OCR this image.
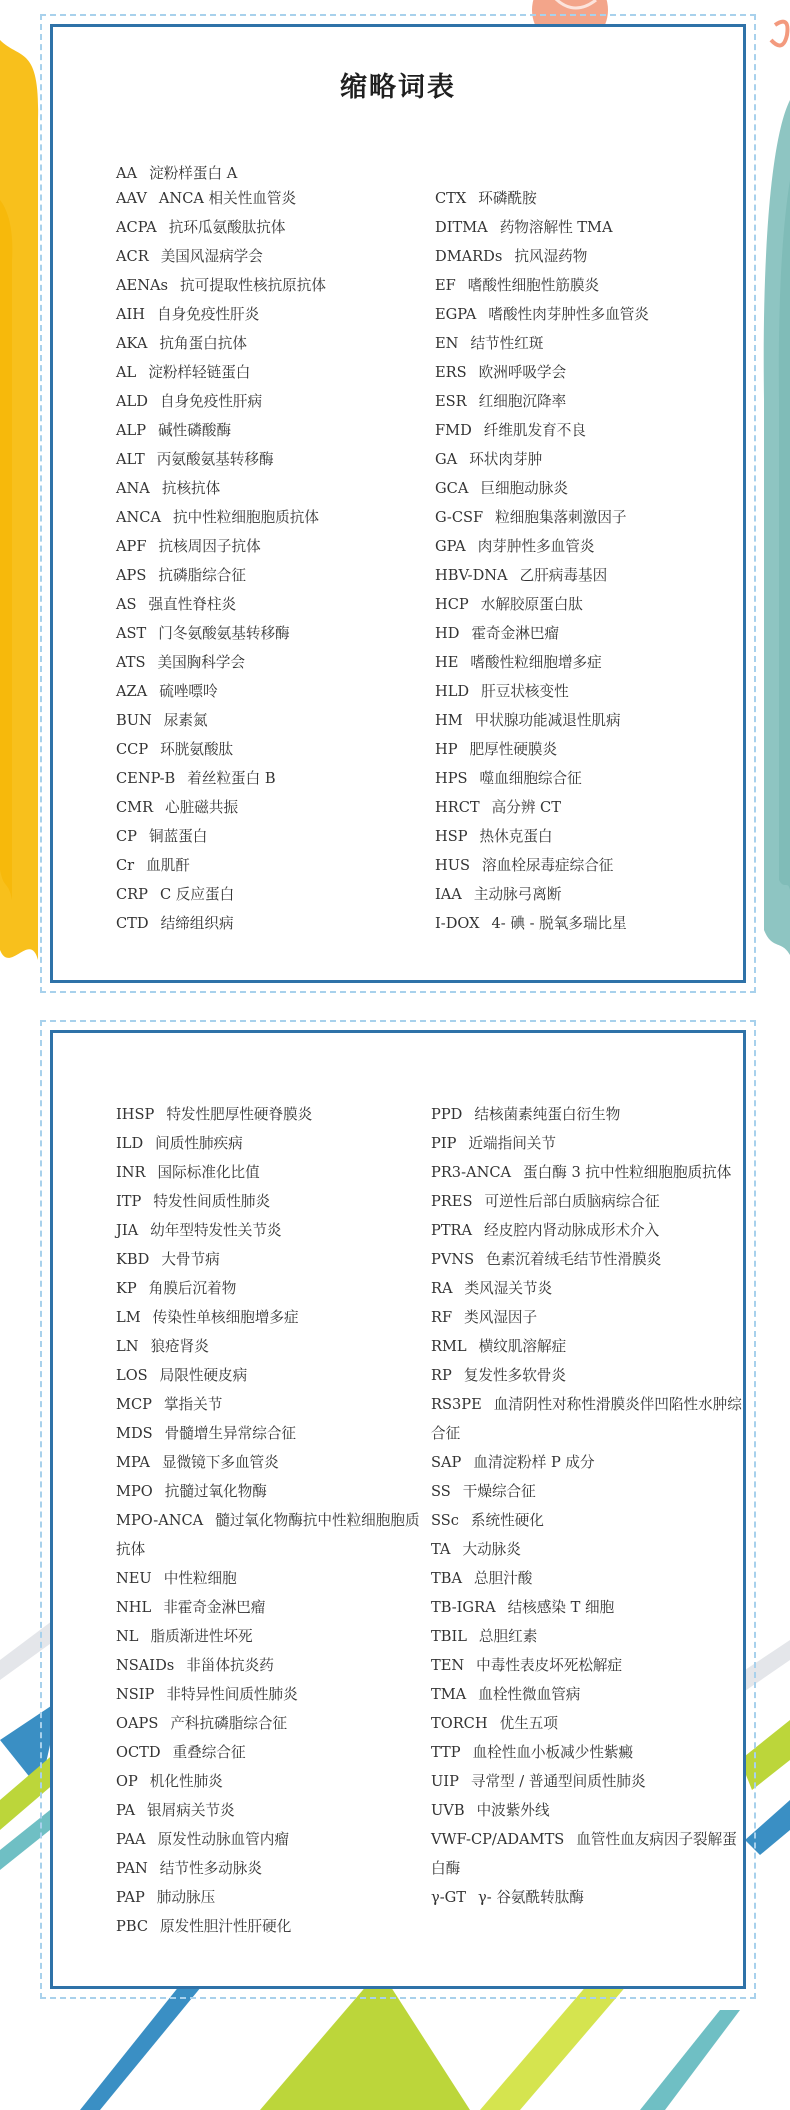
缩略词表
AA 淀粉样蛋白 A
AAV ANCA 相关性血管炎
ACPA 抗环瓜氨酸肽抗体
ACR 美国风湿病学会
AENAs 抗可提取性核抗原抗体
AIH 自身免疫性肝炎
AKA 抗角蛋白抗体
AL 淀粉样轻链蛋白
ALD 自身免疫性肝病
ALP 碱性磷酸酶
ALT 丙氨酸氨基转移酶
ANA 抗核抗体
ANCA 抗中性粒细胞胞质抗体
APF 抗核周因子抗体
APS 抗磷脂综合征
AS 强直性脊柱炎
AST 门冬氨酸氨基转移酶
ATS 美国胸科学会
AZA 硫唑嘌呤
BUN 尿素氮
CCP 环胱氨酸肽
CENP-B 着丝粒蛋白 B
CMR 心脏磁共振
CP 铜蓝蛋白
Cr 血肌酐
CRP C 反应蛋白
CTD 结缔组织病
CTX 环磷酰胺
DITMA 药物溶解性 TMA
DMARDs 抗风湿药物
EF 嗜酸性细胞性筋膜炎
EGPA 嗜酸性肉芽肿性多血管炎
EN 结节性红斑
ERS 欧洲呼吸学会
ESR 红细胞沉降率
FMD 纤维肌发育不良
GA 环状肉芽肿
GCA 巨细胞动脉炎
G-CSF 粒细胞集落刺激因子
GPA 肉芽肿性多血管炎
HBV-DNA 乙肝病毒基因
HCP 水解胶原蛋白肽
HD 霍奇金淋巴瘤
HE 嗜酸性粒细胞增多症
HLD 肝豆状核变性
HM 甲状腺功能减退性肌病
HP 肥厚性硬膜炎
HPS 噬血细胞综合征
HRCT 高分辨 CT
HSP 热休克蛋白
HUS 溶血栓尿毒症综合征
IAA 主动脉弓离断
I-DOX 4- 碘 - 脱氧多瑞比星
IHSP 特发性肥厚性硬脊膜炎
ILD 间质性肺疾病
INR 国际标准化比值
ITP 特发性间质性肺炎
JIA 幼年型特发性关节炎
KBD 大骨节病
KP 角膜后沉着物
LM 传染性单核细胞增多症
LN 狼疮肾炎
LOS 局限性硬皮病
MCP 掌指关节
MDS 骨髓增生异常综合征
MPA 显微镜下多血管炎
MPO 抗髓过氧化物酶
MPO-ANCA 髓过氧化物酶抗中性粒细胞胞质抗体
NEU 中性粒细胞
NHL 非霍奇金淋巴瘤
NL 脂质渐进性坏死
NSAIDs 非甾体抗炎药
NSIP 非特异性间质性肺炎
OAPS 产科抗磷脂综合征
OCTD 重叠综合征
OP 机化性肺炎
PA 银屑病关节炎
PAA 原发性动脉血管内瘤
PAN 结节性多动脉炎
PAP 肺动脉压
PBC 原发性胆汁性肝硬化
PPD 结核菌素纯蛋白衍生物
PIP 近端指间关节
PR3-ANCA 蛋白酶 3 抗中性粒细胞胞质抗体
PRES 可逆性后部白质脑病综合征
PTRA 经皮腔内肾动脉成形术介入
PVNS 色素沉着绒毛结节性滑膜炎
RA 类风湿关节炎
RF 类风湿因子
RML 横纹肌溶解症
RP 复发性多软骨炎
RS3PE 血清阴性对称性滑膜炎伴凹陷性水肿综合征
SAP 血清淀粉样 P 成分
SS 干燥综合征
SSc 系统性硬化
TA 大动脉炎
TBA 总胆汁酸
TB-IGRA 结核感染 T 细胞
TBIL 总胆红素
TEN 中毒性表皮坏死松解症
TMA 血栓性微血管病
TORCH 优生五项
TTP 血栓性血小板减少性紫癜
UIP 寻常型 / 普通型间质性肺炎
UVB 中波紫外线
VWF-CP/ADAMTS 血管性血友病因子裂解蛋白酶
γ-GT γ- 谷氨酰转肽酶
